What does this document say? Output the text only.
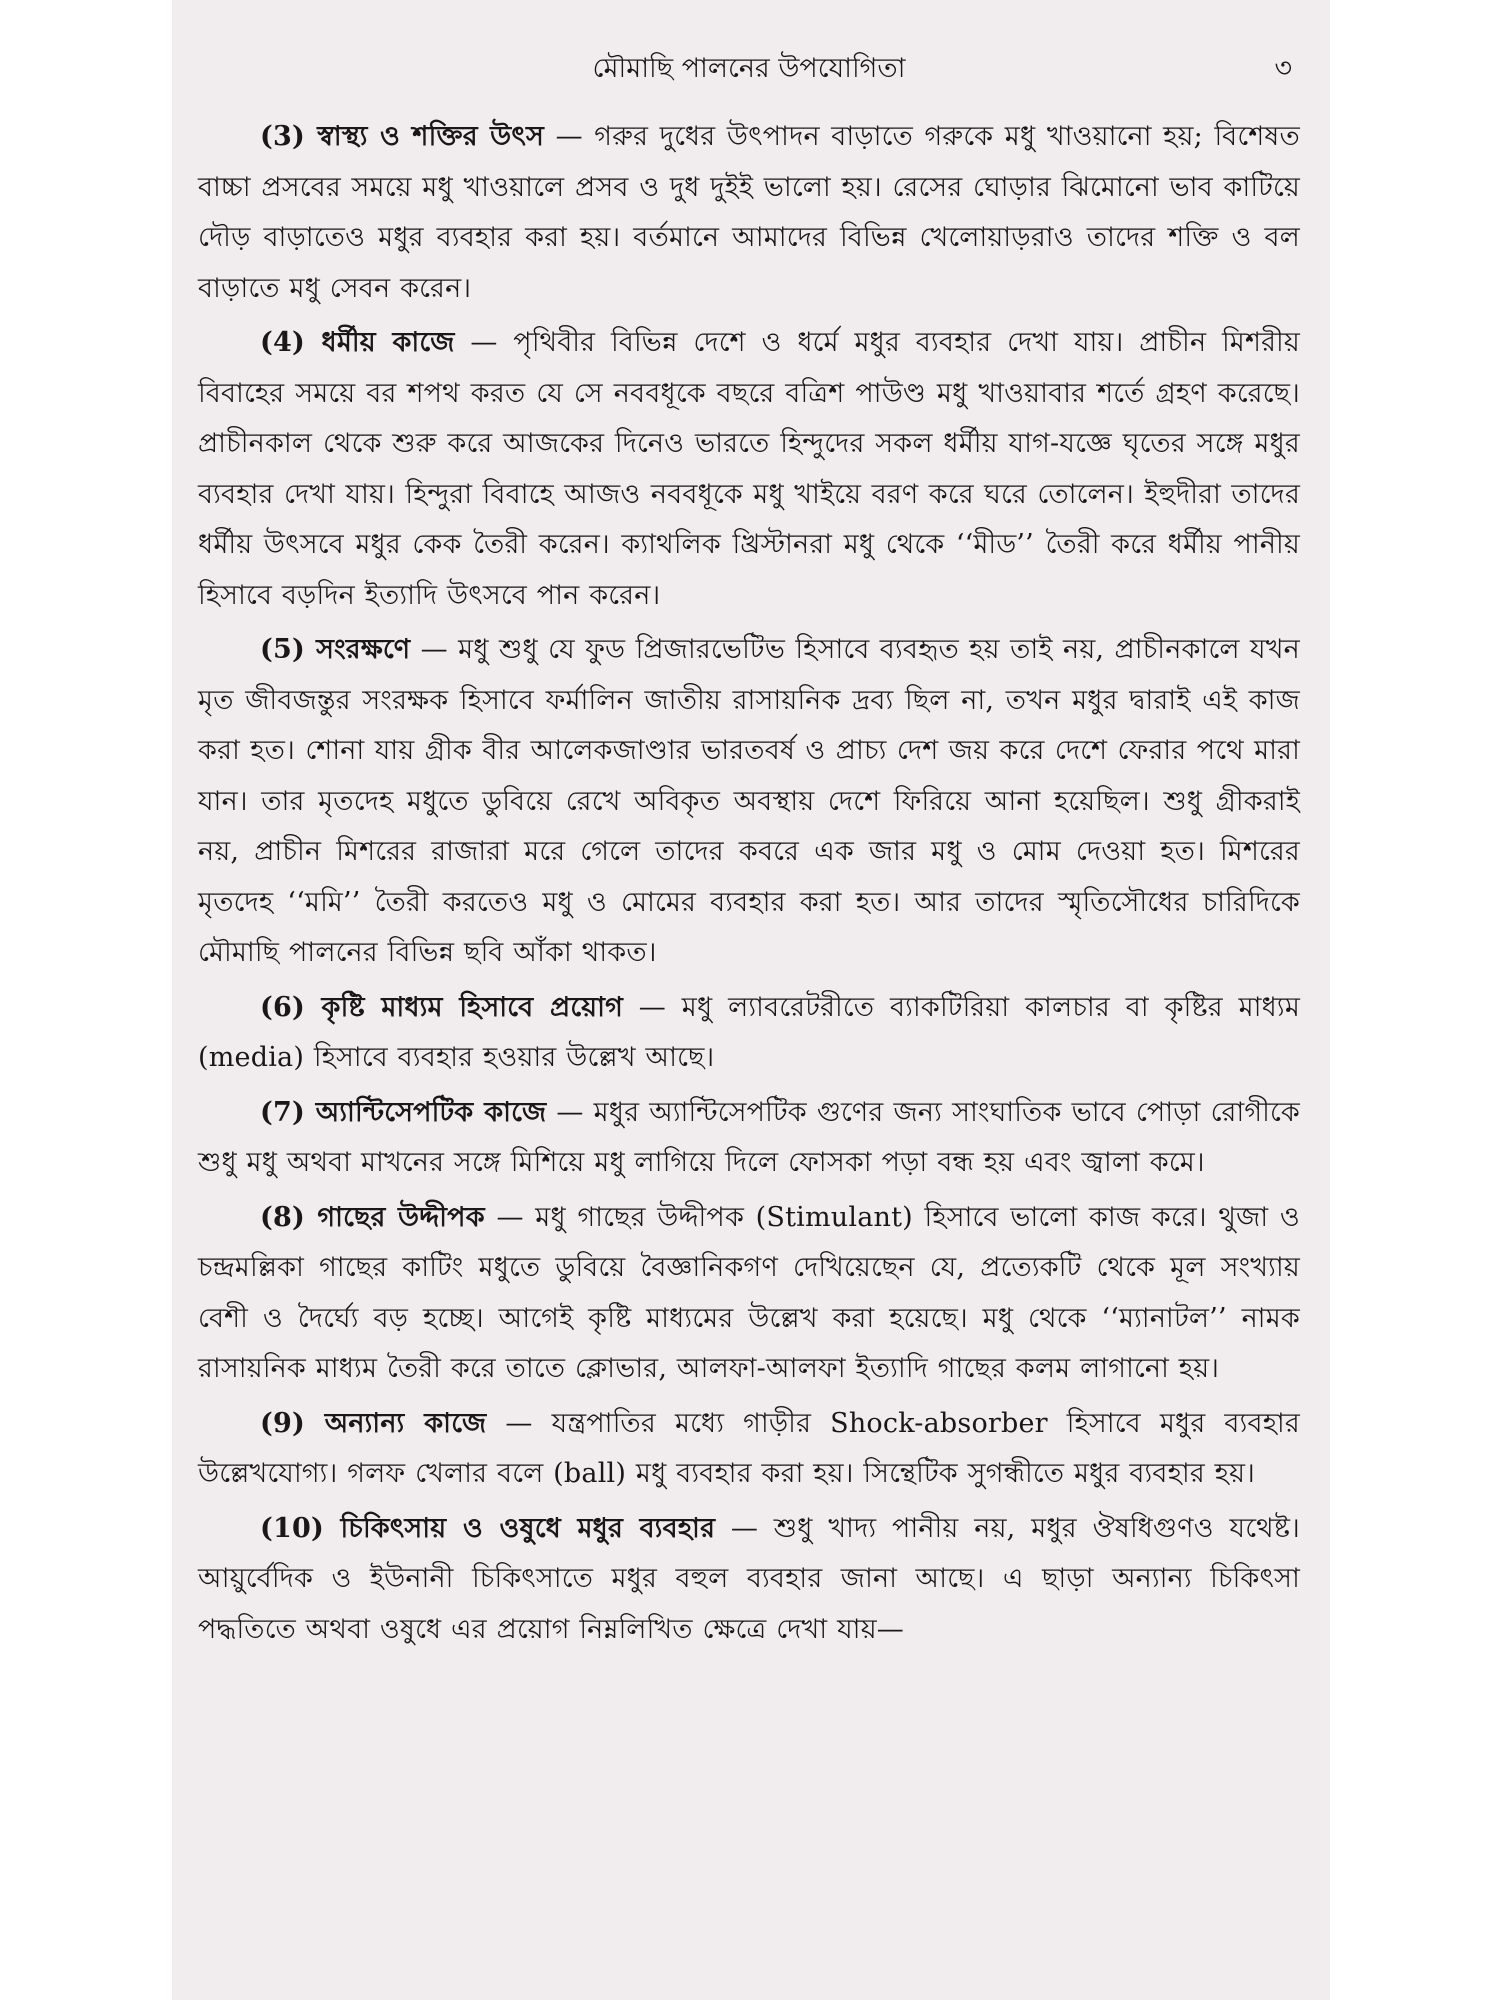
মৌমাছি পালনের উপযোগিতা	৩

(3) স্বাস্থ্য ও শক্তির উৎস — গরুর দুধের উৎপাদন বাড়াতে গরুকে মধু খাওয়ানো হয়; বিশেষত বাচ্চা প্রসবের সময়ে মধু খাওয়ালে প্রসব ও দুধ দুইই ভালো হয়। রেসের ঘোড়ার ঝিমোনো ভাব কাটিয়ে দৌড় বাড়াতেও মধুর ব্যবহার করা হয়। বর্তমানে আমাদের বিভিন্ন খেলোয়াড়রাও তাদের শক্তি ও বল বাড়াতে মধু সেবন করেন।

(4) ধর্মীয় কাজে — পৃথিবীর বিভিন্ন দেশে ও ধর্মে মধুর ব্যবহার দেখা যায়। প্রাচীন মিশরীয় বিবাহের সময়ে বর শপথ করত যে সে নববধূকে বছরে বত্রিশ পাউণ্ড মধু খাওয়াবার শর্তে গ্রহণ করেছে। প্রাচীনকাল থেকে শুরু করে আজকের দিনেও ভারতে হিন্দুদের সকল ধর্মীয় যাগ-যজ্ঞে ঘৃতের সঙ্গে মধুর ব্যবহার দেখা যায়। হিন্দুরা বিবাহে আজও নববধূকে মধু খাইয়ে বরণ করে ঘরে তোলেন। ইহুদীরা তাদের ধর্মীয় উৎসবে মধুর কেক তৈরী করেন। ক্যাথলিক খ্রিস্টানরা মধু থেকে ‘‘মীড’’ তৈরী করে ধর্মীয় পানীয় হিসাবে বড়দিন ইত্যাদি উৎসবে পান করেন।

(5) সংরক্ষণে — মধু শুধু যে ফুড প্রিজারভেটিভ হিসাবে ব্যবহৃত হয় তাই নয়, প্রাচীনকালে যখন মৃত জীবজন্তুর সংরক্ষক হিসাবে ফর্মালিন জাতীয় রাসায়নিক দ্রব্য ছিল না, তখন মধুর দ্বারাই এই কাজ করা হত। শোনা যায় গ্রীক বীর আলেকজাণ্ডার ভারতবর্ষ ও প্রাচ্য দেশ জয় করে দেশে ফেরার পথে মারা যান। তার মৃতদেহ মধুতে ডুবিয়ে রেখে অবিকৃত অবস্থায় দেশে ফিরিয়ে আনা হয়েছিল। শুধু গ্রীকরাই নয়, প্রাচীন মিশরের রাজারা মরে গেলে তাদের কবরে এক জার মধু ও মোম দেওয়া হত। মিশরের মৃতদেহ ‘‘মমি’’ তৈরী করতেও মধু ও মোমের ব্যবহার করা হত। আর তাদের স্মৃতিসৌধের চারিদিকে মৌমাছি পালনের বিভিন্ন ছবি আঁকা থাকত।

(6) কৃষ্টি মাধ্যম হিসাবে প্রয়োগ — মধু ল্যাবরেটরীতে ব্যাকটিরিয়া কালচার বা কৃষ্টির মাধ্যম (media) হিসাবে ব্যবহার হওয়ার উল্লেখ আছে।

(7) অ্যান্টিসেপটিক কাজে — মধুর অ্যান্টিসেপটিক গুণের জন্য সাংঘাতিক ভাবে পোড়া রোগীকে শুধু মধু অথবা মাখনের সঙ্গে মিশিয়ে মধু লাগিয়ে দিলে ফোসকা পড়া বন্ধ হয় এবং জ্বালা কমে।

(8) গাছের উদ্দীপক — মধু গাছের উদ্দীপক (Stimulant) হিসাবে ভালো কাজ করে। থুজা ও চন্দ্রমল্লিকা গাছের কাটিং মধুতে ডুবিয়ে বৈজ্ঞানিকগণ দেখিয়েছেন যে, প্রত্যেকটি থেকে মূল সংখ্যায় বেশী ও দৈর্ঘ্যে বড় হচ্ছে। আগেই কৃষ্টি মাধ্যমের উল্লেখ করা হয়েছে। মধু থেকে ‘‘ম্যানাটল’’ নামক রাসায়নিক মাধ্যম তৈরী করে তাতে ক্লোভার, আলফা-আলফা ইত্যাদি গাছের কলম লাগানো হয়।

(9) অন্যান্য কাজে — যন্ত্রপাতির মধ্যে গাড়ীর Shock-absorber হিসাবে মধুর ব্যবহার উল্লেখযোগ্য। গলফ খেলার বলে (ball) মধু ব্যবহার করা হয়। সিন্থেটিক সুগন্ধীতে মধুর ব্যবহার হয়।

(10) চিকিৎসায় ও ওষুধে মধুর ব্যবহার — শুধু খাদ্য পানীয় নয়, মধুর ঔষধিগুণও যথেষ্ট। আয়ুর্বেদিক ও ইউনানী চিকিৎসাতে মধুর বহুল ব্যবহার জানা আছে। এ ছাড়া অন্যান্য চিকিৎসা পদ্ধতিতে অথবা ওষুধে এর প্রয়োগ নিম্নলিখিত ক্ষেত্রে দেখা যায়—
